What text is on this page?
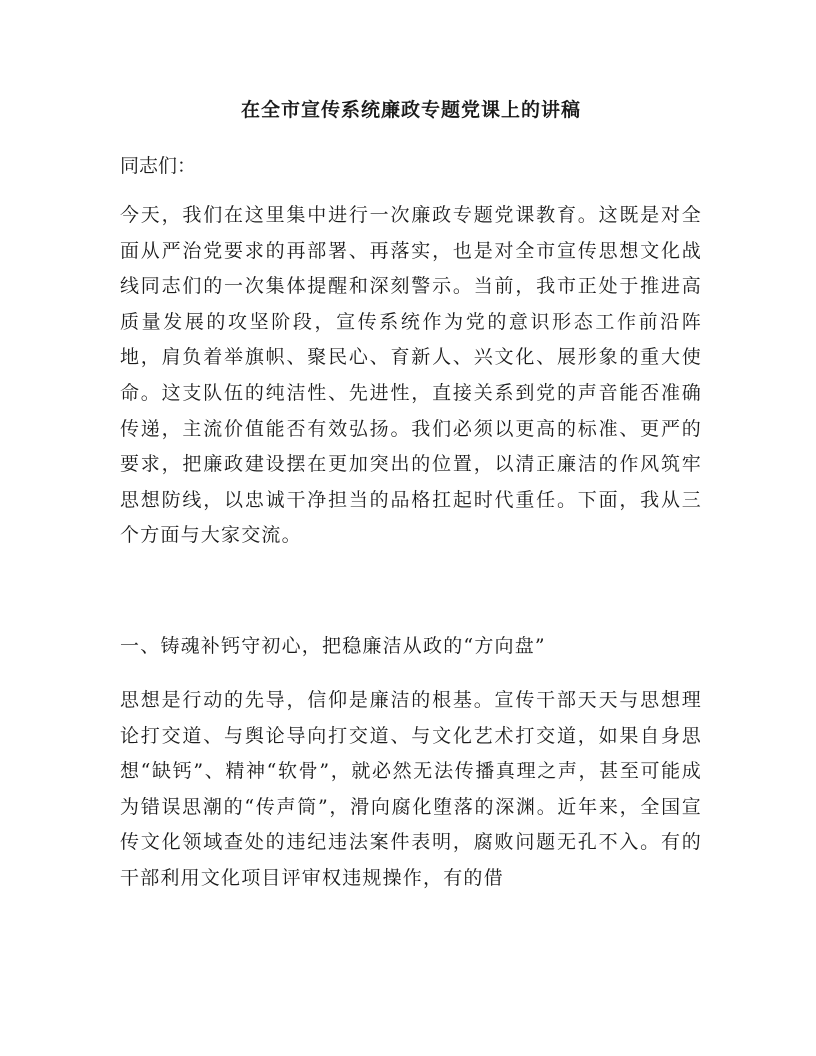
在全市宣传系统廉政专题党课上的讲稿

同志们：

今天，我们在这里集中进行一次廉政专题党课教育。这既是对全面从严治党要求的再部署、再落实，也是对全市宣传思想文化战线同志们的一次集体提醒和深刻警示。当前，我市正处于推进高质量发展的攻坚阶段，宣传系统作为党的意识形态工作前沿阵地，肩负着举旗帜、聚民心、育新人、兴文化、展形象的重大使命。这支队伍的纯洁性、先进性，直接关系到党的声音能否准确传递，主流价值能否有效弘扬。我们必须以更高的标准、更严的要求，把廉政建设摆在更加突出的位置，以清正廉洁的作风筑牢思想防线，以忠诚干净担当的品格扛起时代重任。下面，我从三个方面与大家交流。

一、铸魂补钙守初心，把稳廉洁从政的“方向盘”

思想是行动的先导，信仰是廉洁的根基。宣传干部天天与思想理论打交道、与舆论导向打交道、与文化艺术打交道，如果自身思想“缺钙”、精神“软骨”，就必然无法传播真理之声，甚至可能成为错误思潮的“传声筒”，滑向腐化堕落的深渊。近年来，全国宣传文化领域查处的违纪违法案件表明，腐败问题无孔不入。有的干部利用文化项目评审权违规操作，有的借
